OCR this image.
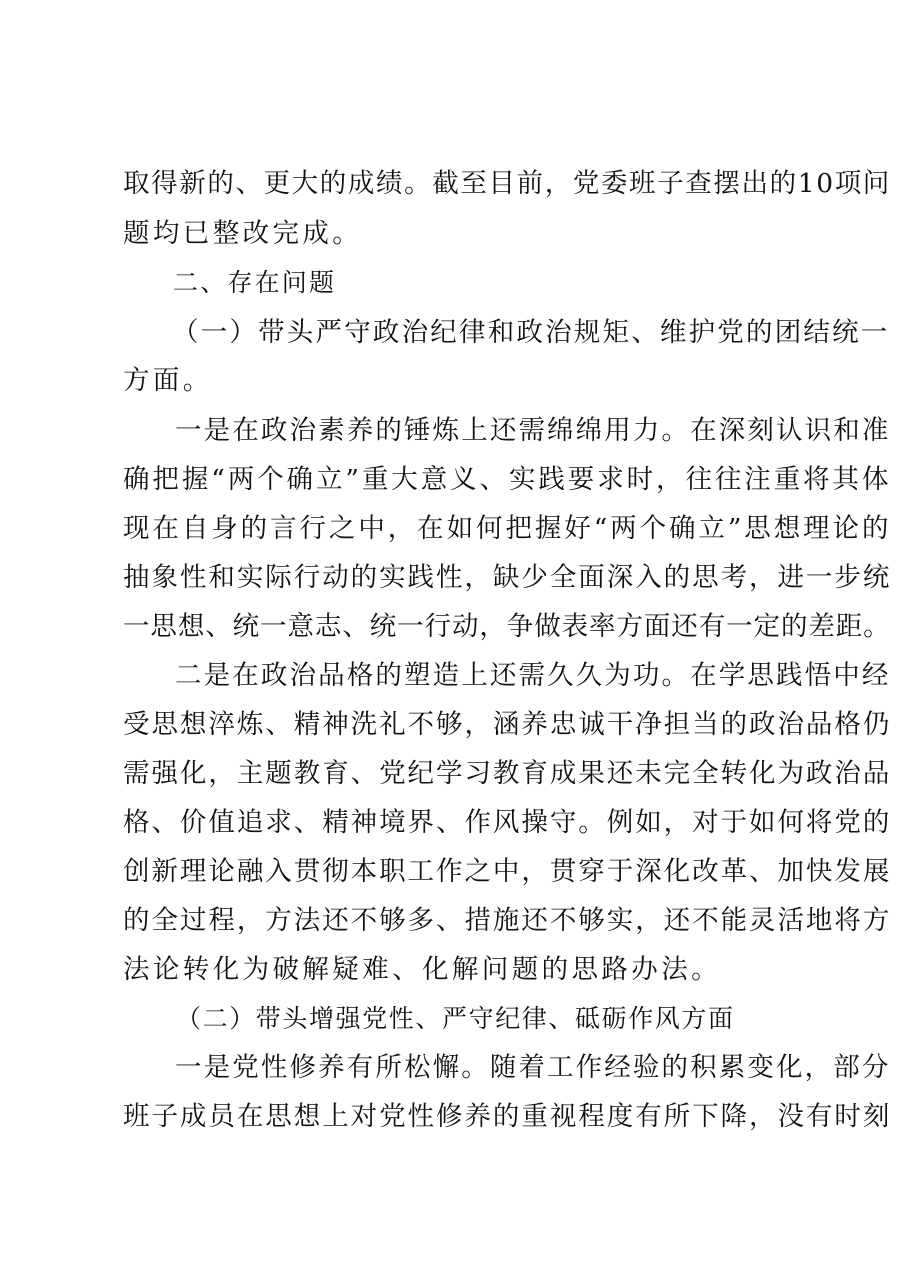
取得新的、更大的成绩。截至目前，党委班子查摆出的10项问
题均已整改完成。
二、存在问题
（一）带头严守政治纪律和政治规矩、维护党的团结统一
方面。
一是在政治素养的锤炼上还需绵绵用力。在深刻认识和准
确把握“两个确立”重大意义、实践要求时，往往注重将其体
现在自身的言行之中，在如何把握好“两个确立”思想理论的
抽象性和实际行动的实践性，缺少全面深入的思考，进一步统
一思想、统一意志、统一行动，争做表率方面还有一定的差距。
二是在政治品格的塑造上还需久久为功。在学思践悟中经
受思想淬炼、精神洗礼不够，涵养忠诚干净担当的政治品格仍
需强化，主题教育、党纪学习教育成果还未完全转化为政治品
格、价值追求、精神境界、作风操守。例如，对于如何将党的
创新理论融入贯彻本职工作之中，贯穿于深化改革、加快发展
的全过程，方法还不够多、措施还不够实，还不能灵活地将方
法论转化为破解疑难、化解问题的思路办法。
（二）带头增强党性、严守纪律、砥砺作风方面
一是党性修养有所松懈。随着工作经验的积累变化，部分
班子成员在思想上对党性修养的重视程度有所下降，没有时刻
